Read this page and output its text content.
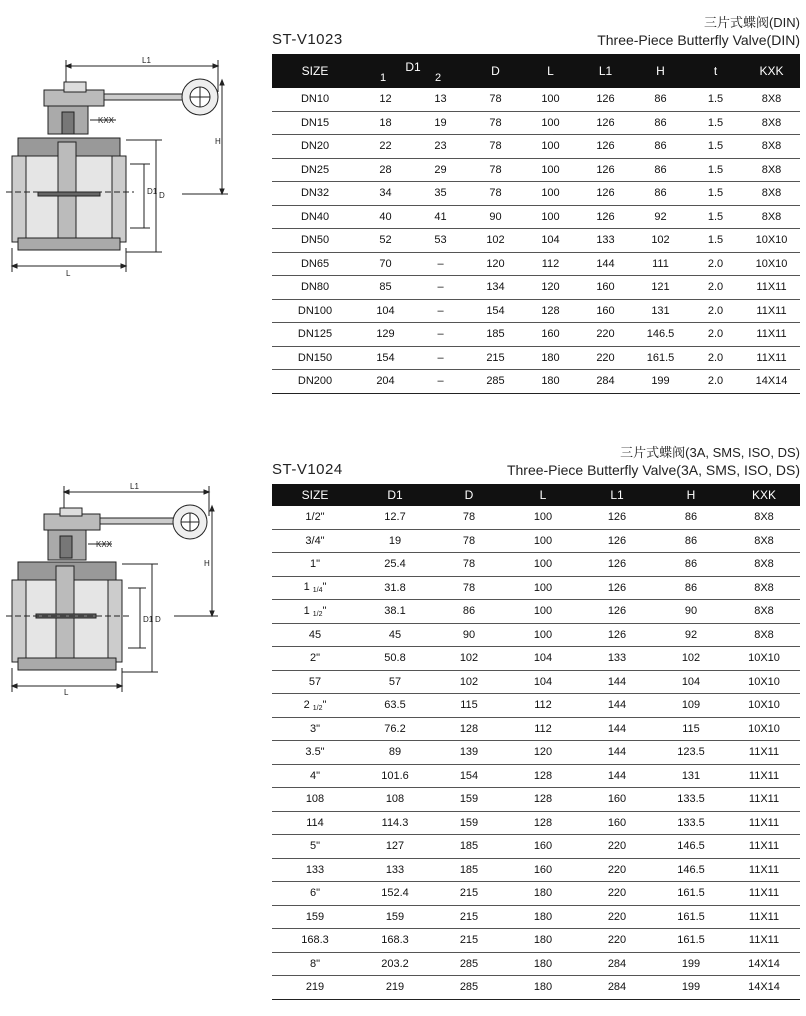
L1
H
KXX
D1 D
L
ST-V1023
三片式蝶阀(DIN)
Three-Piece Butterfly Valve(DIN)
SIZE	D1
1 2		D	L	L1	H	t	KXK
DN10	12	13	78	100	126	86	1.5	8X8
DN15	18	19	78	100	126	86	1.5	8X8
DN20	22	23	78	100	126	86	1.5	8X8
DN25	28	29	78	100	126	86	1.5	8X8
DN32	34	35	78	100	126	86	1.5	8X8
DN40	40	41	90	100	126	92	1.5	8X8
DN50	52	53	102	104	133	102	1.5	10X10
DN65	70	–	120	112	144	111	2.0	10X10
DN80	85	–	134	120	160	121	2.0	11X11
DN100	104	–	154	128	160	131	2.0	11X11
DN125	129	–	185	160	220	146.5	2.0	11X11
DN150	154	–	215	180	220	161.5	2.0	11X11
DN200	204	–	285	180	284	199	2.0	14X14
L1
H
KXX
D1 D
L
ST-V1024
三片式蝶阀(3A, SMS, ISO, DS)
Three-Piece Butterfly Valve(3A, SMS, ISO, DS)
SIZE	D1	D	L	L1	H	KXK
1/2"	12.7	78	100	126	86	8X8
3/4"	19	78	100	126	86	8X8
1"	25.4	78	100	126	86	8X8
1 $_{1/4}$"	31.8	78	100	126	86	8X8
1 $_{1/2}$"	38.1	86	100	126	90	8X8
45	45	90	100	126	92	8X8
2"	50.8	102	104	133	102	10X10
57	57	102	104	144	104	10X10
2 $_{1/2}$"	63.5	115	112	144	109	10X10
3"	76.2	128	112	144	115	10X10
3.5"	89	139	120	144	123.5	11X11
4"	101.6	154	128	144	131	11X11
108	108	159	128	160	133.5	11X11
114	114.3	159	128	160	133.5	11X11
5"	127	185	160	220	146.5	11X11
133	133	185	160	220	146.5	11X11
6"	152.4	215	180	220	161.5	11X11
159	159	215	180	220	161.5	11X11
168.3	168.3	215	180	220	161.5	11X11
8"	203.2	285	180	284	199	14X14
219	219	285	180	284	199	14X14
